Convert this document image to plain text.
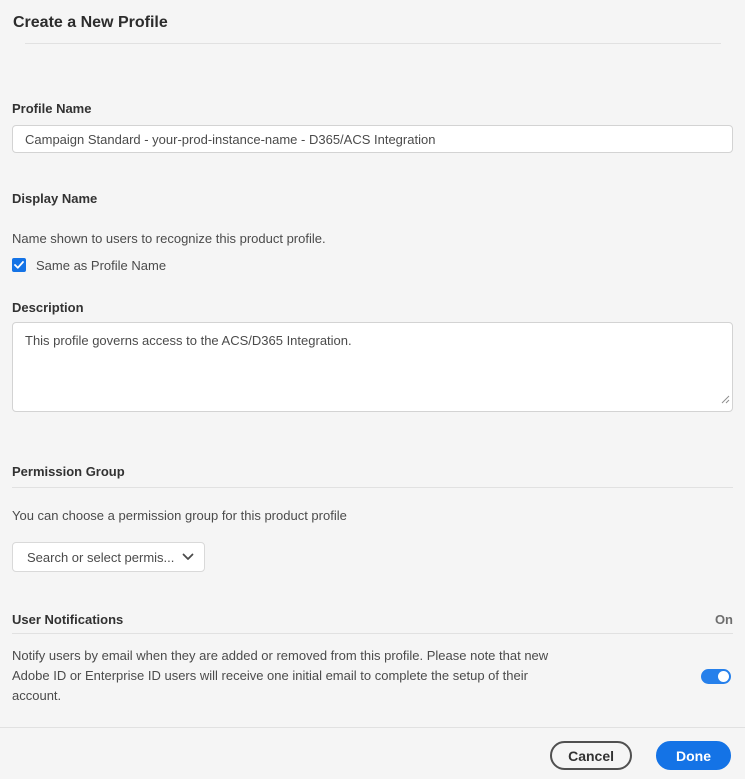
Create a New Profile
Profile Name
Campaign Standard - your-prod-instance-name - D365/ACS Integration
Display Name
Name shown to users to recognize this product profile.
Same as Profile Name
Description
This profile governs access to the ACS/D365 Integration.
Permission Group
You can choose a permission group for this product profile
Search or select permis...
User Notifications	On

Notify users by email when they are added or removed from this profile. Please note that new Adobe ID or Enterprise ID users will receive one initial email to complete the setup of their account.

Cancel	Done
